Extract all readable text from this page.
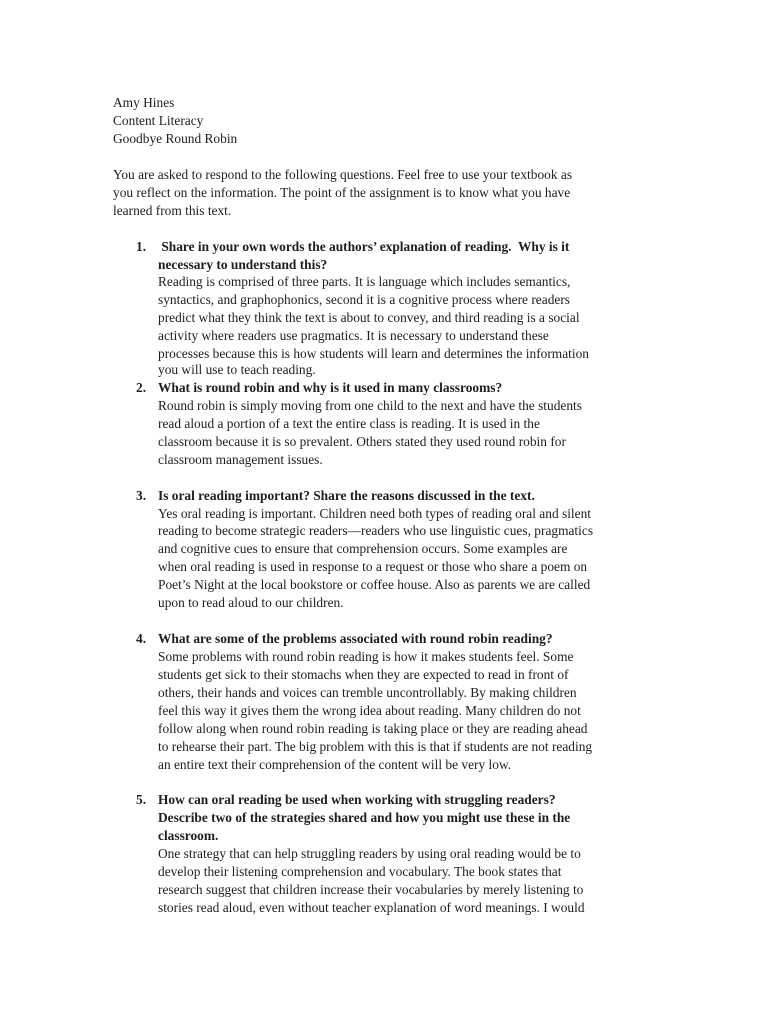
Amy Hines
Content Literacy
Goodbye Round Robin
You are asked to respond to the following questions. Feel free to use your textbook as
you reflect on the information. The point of the assignment is to know what you have
learned from this text.
1. Share in your own words the authors’ explanation of reading.  Why is it
necessary to understand this?
Reading is comprised of three parts. It is language which includes semantics,
syntactics, and graphophonics, second it is a cognitive process where readers
predict what they think the text is about to convey, and third reading is a social
activity where readers use pragmatics. It is necessary to understand these
processes because this is how students will learn and determines the information
you will use to teach reading.
2. What is round robin and why is it used in many classrooms?
Round robin is simply moving from one child to the next and have the students
read aloud a portion of a text the entire class is reading. It is used in the
classroom because it is so prevalent. Others stated they used round robin for
classroom management issues.
3. Is oral reading important? Share the reasons discussed in the text.
Yes oral reading is important. Children need both types of reading oral and silent
reading to become strategic readers—readers who use linguistic cues, pragmatics
and cognitive cues to ensure that comprehension occurs. Some examples are
when oral reading is used in response to a request or those who share a poem on
Poet’s Night at the local bookstore or coffee house. Also as parents we are called
upon to read aloud to our children.
4. What are some of the problems associated with round robin reading?
Some problems with round robin reading is how it makes students feel. Some
students get sick to their stomachs when they are expected to read in front of
others, their hands and voices can tremble uncontrollably. By making children
feel this way it gives them the wrong idea about reading. Many children do not
follow along when round robin reading is taking place or they are reading ahead
to rehearse their part. The big problem with this is that if students are not reading
an entire text their comprehension of the content will be very low.
5. How can oral reading be used when working with struggling readers?
Describe two of the strategies shared and how you might use these in the
classroom.
One strategy that can help struggling readers by using oral reading would be to
develop their listening comprehension and vocabulary. The book states that
research suggest that children increase their vocabularies by merely listening to
stories read aloud, even without teacher explanation of word meanings. I would
